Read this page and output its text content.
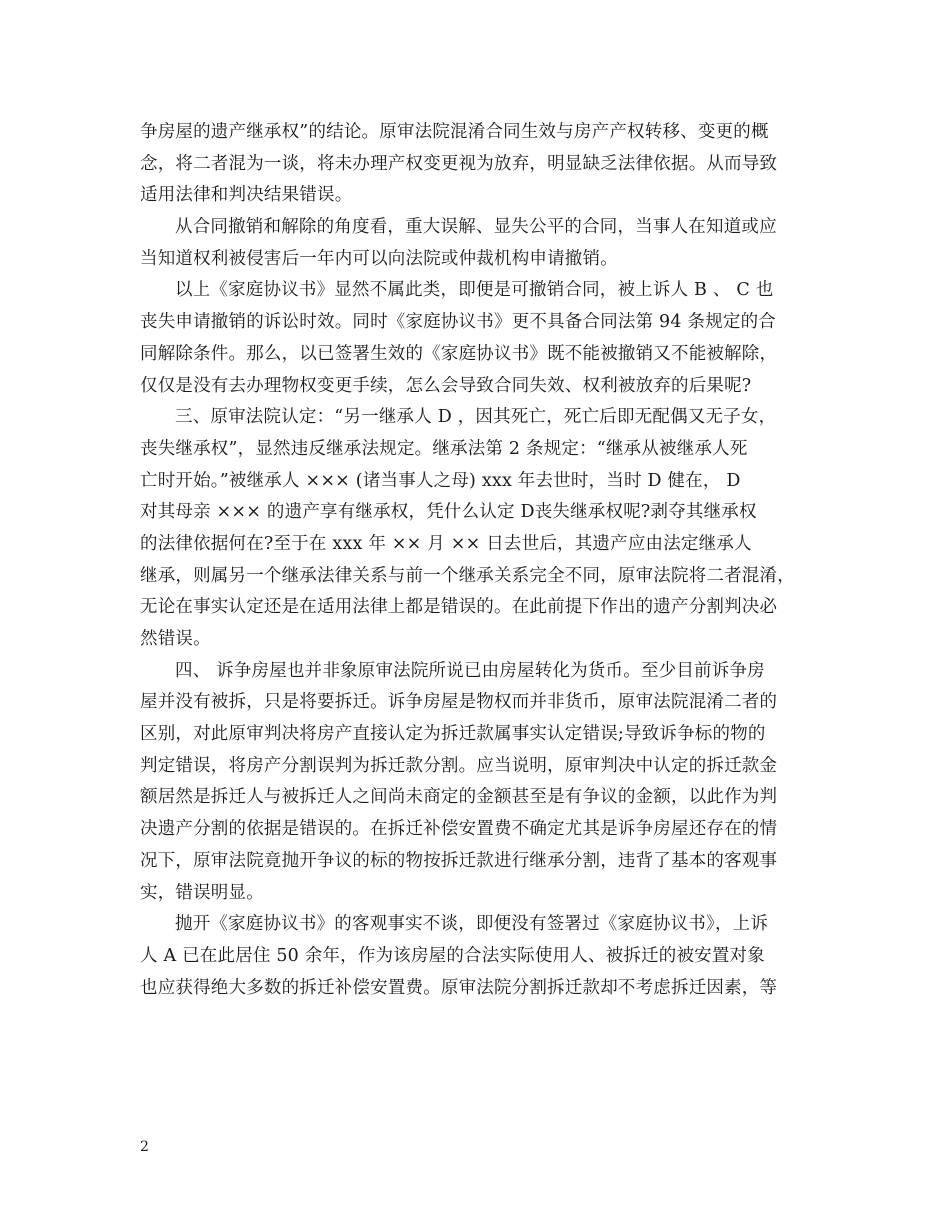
争房屋的遗产继承权”的结论。原审法院混淆合同生效与房产产权转移、变更的概
念，将二者混为一谈，将未办理产权变更视为放弃，明显缺乏法律依据。从而导致
适用法律和判决结果错误。
从合同撤销和解除的角度看，重大误解、显失公平的合同，当事人在知道或应
当知道权利被侵害后一年内可以向法院或仲裁机构申请撤销。
以上《家庭协议书》显然不属此类，即便是可撤销合同，被上诉人 B 、 C 也
丧失申请撤销的诉讼时效。同时《家庭协议书》更不具备合同法第 94 条规定的合
同解除条件。那么，以已签署生效的《家庭协议书》既不能被撤销又不能被解除，
仅仅是没有去办理物权变更手续，怎么会导致合同失效、权利被放弃的后果呢?
三、原审法院认定：“另一继承人 D ，因其死亡，死亡后即无配偶又无子女，
丧失继承权”，显然违反继承法规定。继承法第 2 条规定：“继承从被继承人死
亡时开始。”被继承人 ××× (诸当事人之母) xxx 年去世时，当时 D 健在， D
对其母亲 ××× 的遗产享有继承权，凭什么认定 D丧失继承权呢?剥夺其继承权
的法律依据何在?至于在 xxx 年 ×× 月 ×× 日去世后，其遗产应由法定继承人
继承，则属另一个继承法律关系与前一个继承关系完全不同，原审法院将二者混淆，
无论在事实认定还是在适用法律上都是错误的。在此前提下作出的遗产分割判决必
然错误。
四、 诉争房屋也并非象原审法院所说已由房屋转化为货币。至少目前诉争房
屋并没有被拆，只是将要拆迁。诉争房屋是物权而并非货币，原审法院混淆二者的
区别，对此原审判决将房产直接认定为拆迁款属事实认定错误;导致诉争标的物的
判定错误，将房产分割误判为拆迁款分割。应当说明，原审判决中认定的拆迁款金
额居然是拆迁人与被拆迁人之间尚未商定的金额甚至是有争议的金额，以此作为判
决遗产分割的依据是错误的。在拆迁补偿安置费不确定尤其是诉争房屋还存在的情
况下，原审法院竟抛开争议的标的物按拆迁款进行继承分割，违背了基本的客观事
实，错误明显。
抛开《家庭协议书》的客观事实不谈，即便没有签署过《家庭协议书》，上诉
人 A 已在此居住 50 余年，作为该房屋的合法实际使用人、被拆迁的被安置对象
也应获得绝大多数的拆迁补偿安置费。原审法院分割拆迁款却不考虑拆迁因素，等
2
